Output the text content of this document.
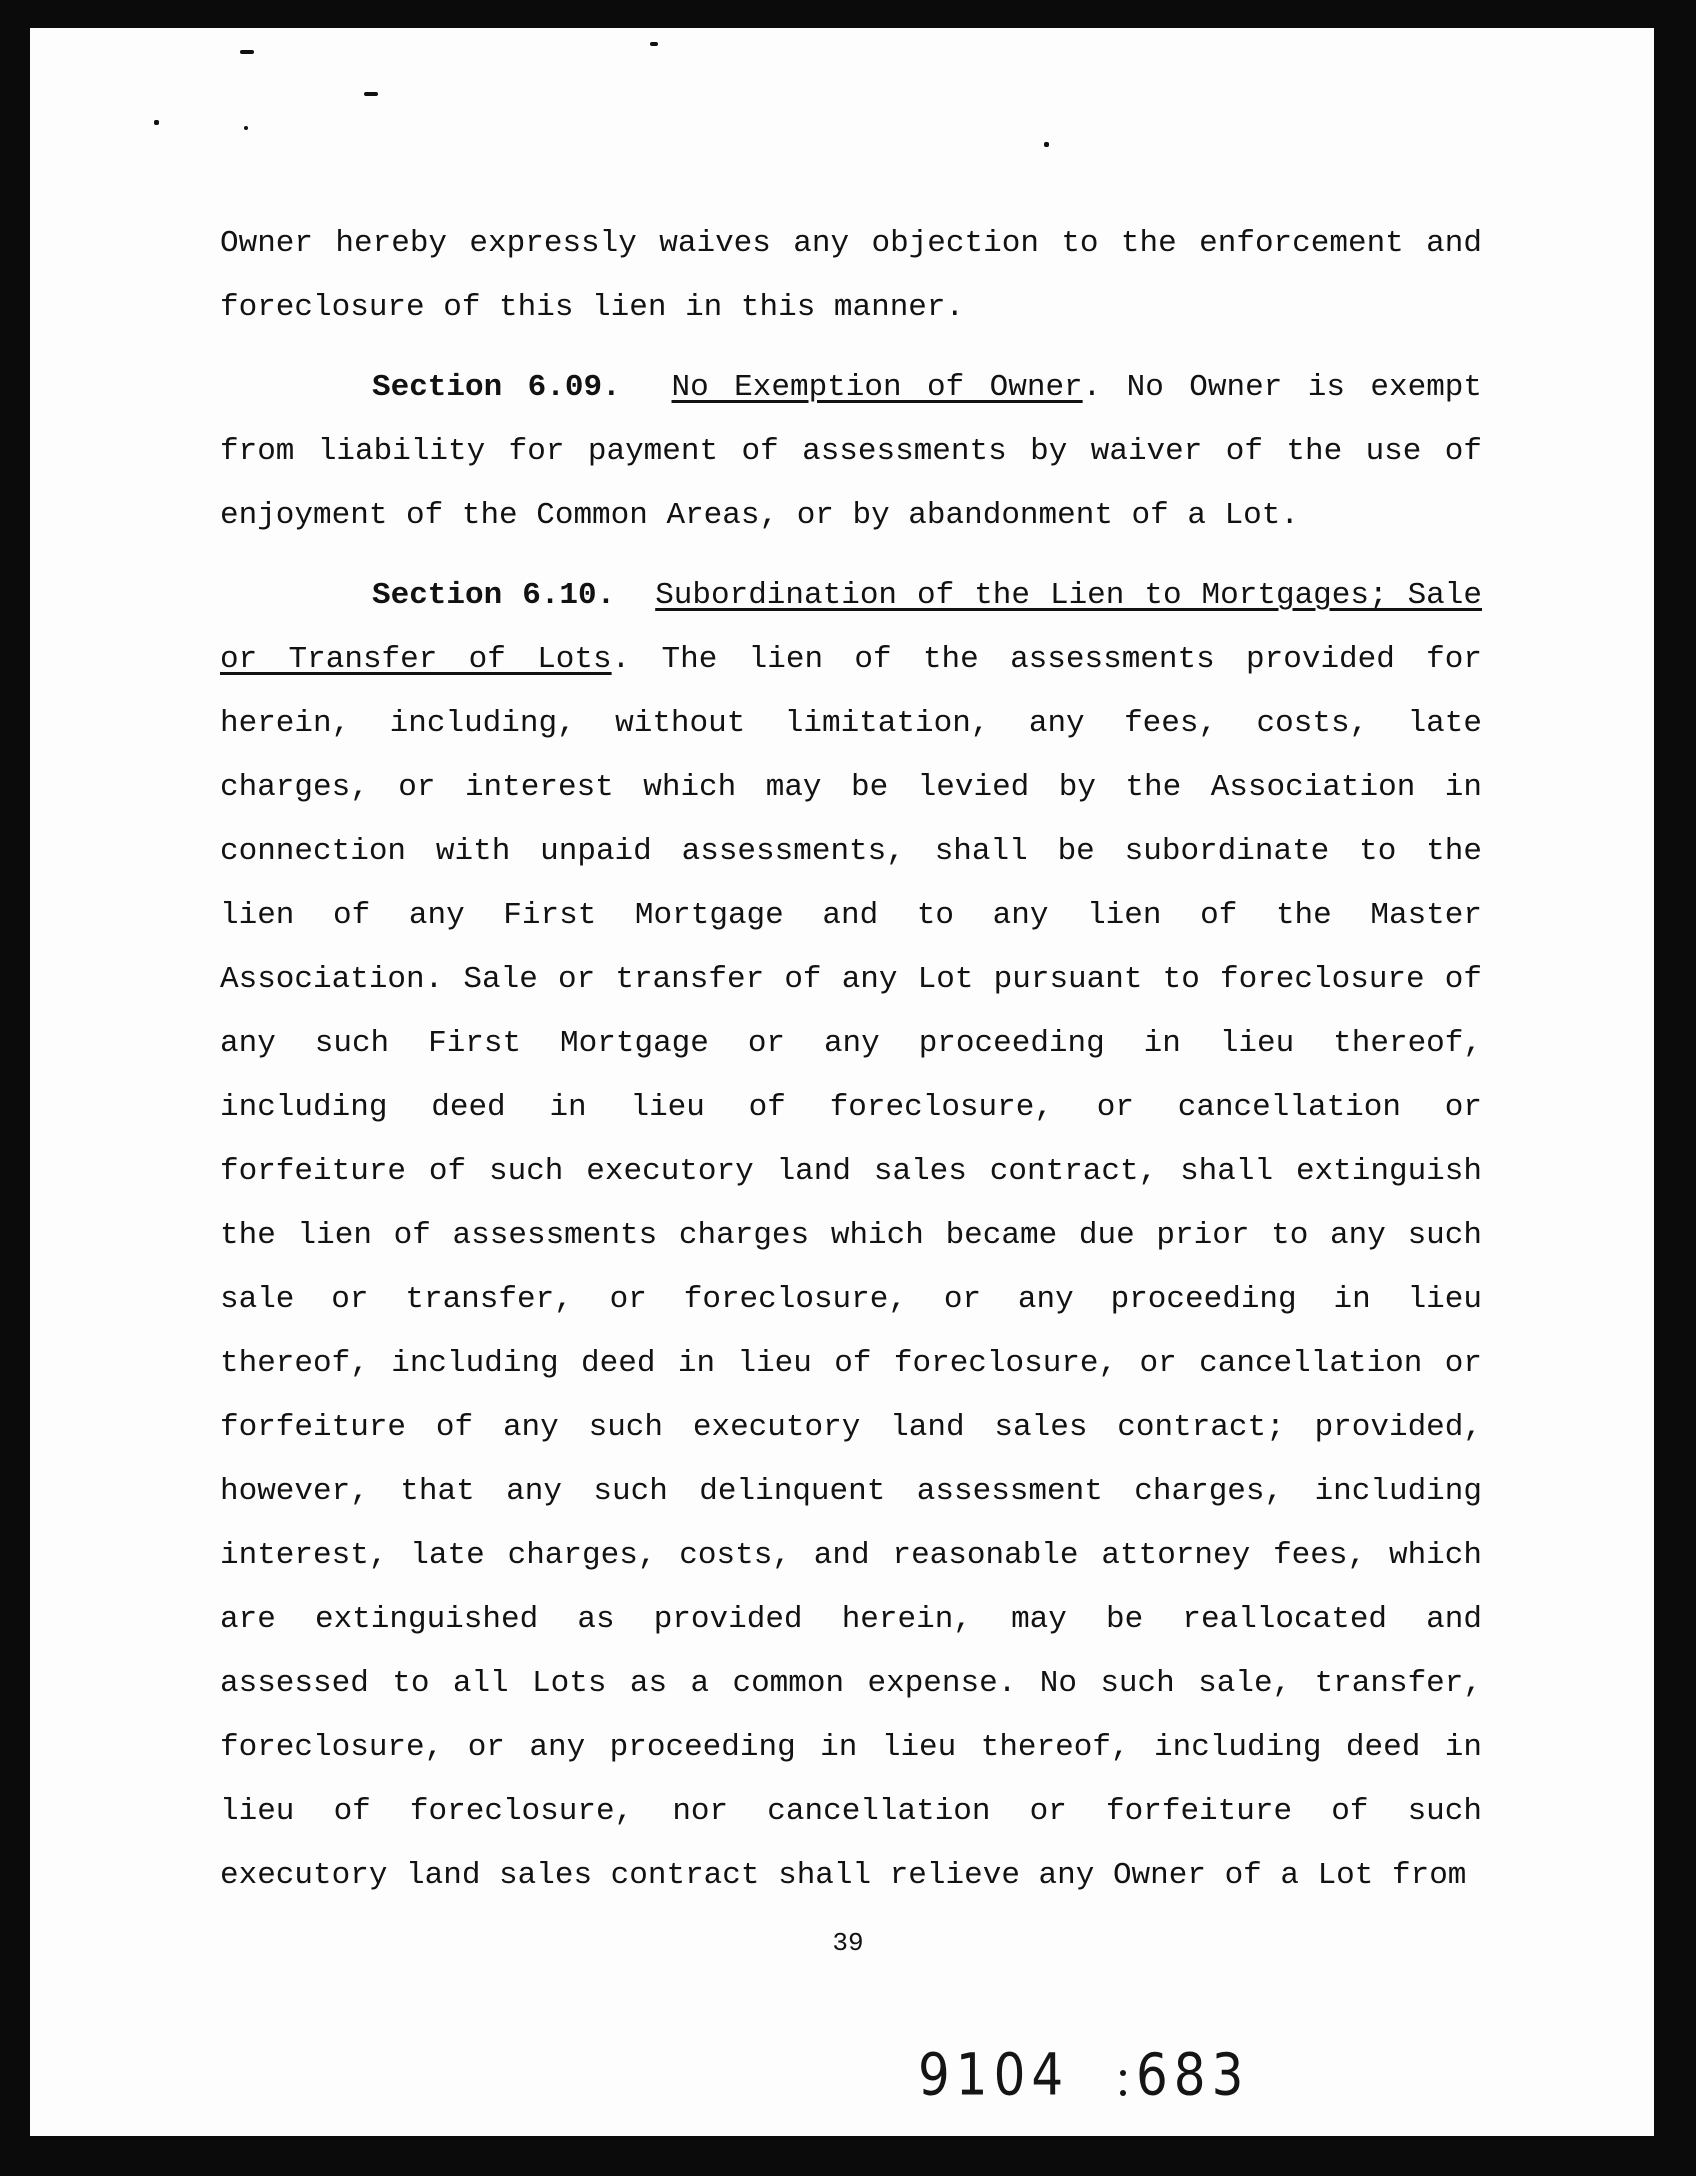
Owner hereby expressly waives any objection to the enforcement and foreclosure of this lien in this manner.

Section 6.09. No Exemption of Owner. No Owner is exempt from liability for payment of assessments by waiver of the use of enjoyment of the Common Areas, or by abandonment of a Lot.

Section 6.10. Subordination of the Lien to Mortgages; Sale or Transfer of Lots. The lien of the assessments provided for herein, including, without limitation, any fees, costs, late charges, or interest which may be levied by the Association in connection with unpaid assessments, shall be subordinate to the lien of any First Mortgage and to any lien of the Master Association. Sale or transfer of any Lot pursuant to foreclosure of any such First Mortgage or any proceeding in lieu thereof, including deed in lieu of foreclosure, or cancellation or forfeiture of such executory land sales contract, shall extinguish the lien of assessments charges which became due prior to any such sale or transfer, or foreclosure, or any proceeding in lieu thereof, including deed in lieu of foreclosure, or cancellation or forfeiture of any such executory land sales contract; provided, however, that any such delinquent assessment charges, including interest, late charges, costs, and reasonable attorney fees, which are extinguished as provided herein, may be reallocated and assessed to all Lots as a common expense. No such sale, transfer, foreclosure, or any proceeding in lieu thereof, including deed in lieu of foreclosure, nor cancellation or forfeiture of such executory land sales contract shall relieve any Owner of a Lot from

39
9104 683
